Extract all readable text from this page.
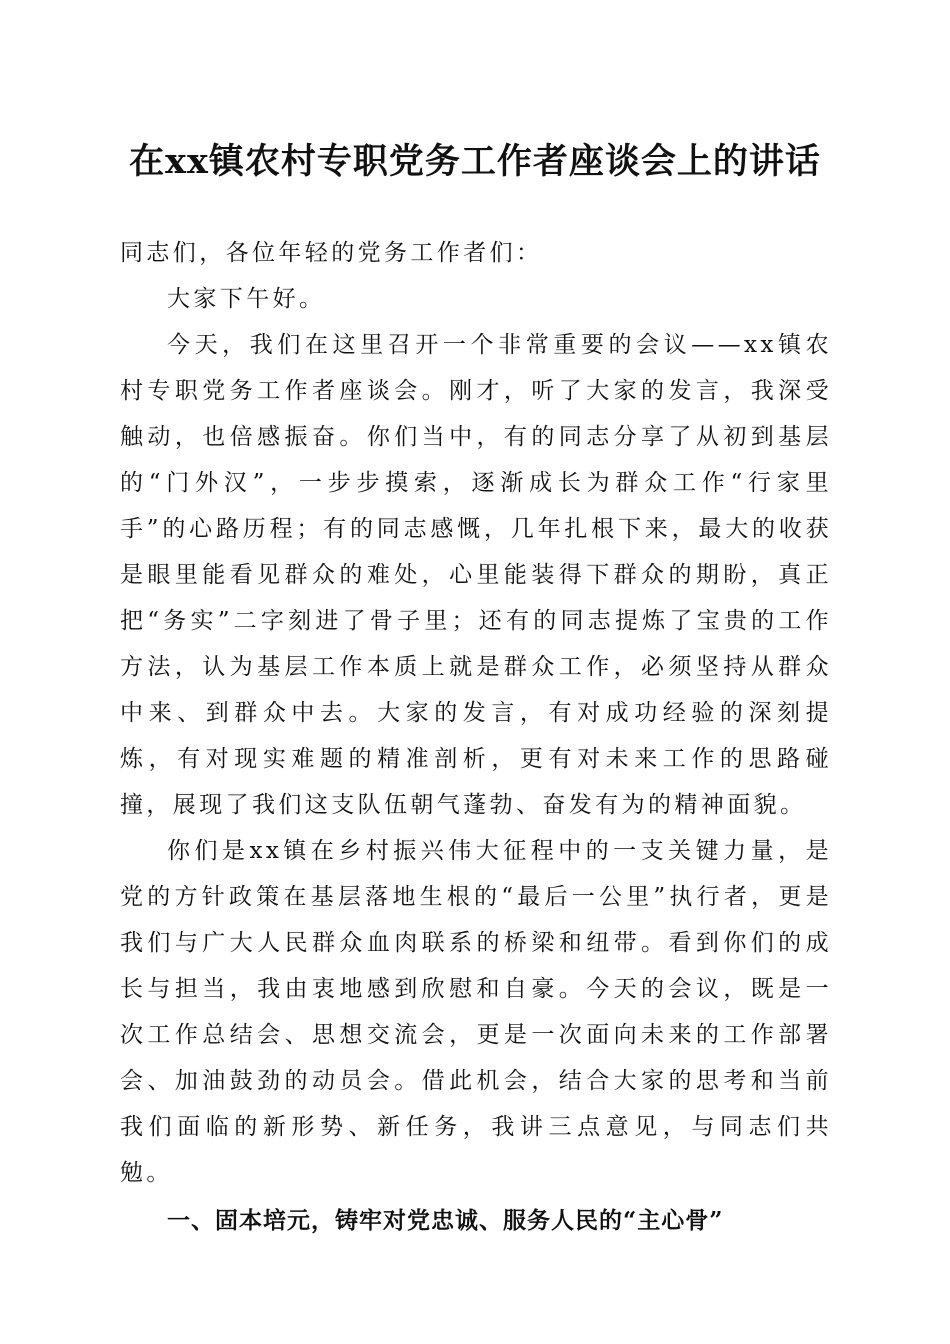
在xx镇农村专职党务工作者座谈会上的讲话

同志们，各位年轻的党务工作者们：

大家下午好。

今天，我们在这里召开一个非常重要的会议——xx镇农村专职党务工作者座谈会。刚才，听了大家的发言，我深受触动，也倍感振奋。你们当中，有的同志分享了从初到基层的“门外汉”，一步步摸索，逐渐成长为群众工作“行家里手”的心路历程；有的同志感慨，几年扎根下来，最大的收获是眼里能看见群众的难处，心里能装得下群众的期盼，真正把“务实”二字刻进了骨子里；还有的同志提炼了宝贵的工作方法，认为基层工作本质上就是群众工作，必须坚持从群众中来、到群众中去。大家的发言，有对成功经验的深刻提炼，有对现实难题的精准剖析，更有对未来工作的思路碰撞，展现了我们这支队伍朝气蓬勃、奋发有为的精神面貌。

你们是xx镇在乡村振兴伟大征程中的一支关键力量，是党的方针政策在基层落地生根的“最后一公里”执行者，更是我们与广大人民群众血肉联系的桥梁和纽带。看到你们的成长与担当，我由衷地感到欣慰和自豪。今天的会议，既是一次工作总结会、思想交流会，更是一次面向未来的工作部署会、加油鼓劲的动员会。借此机会，结合大家的思考和当前我们面临的新形势、新任务，我讲三点意见，与同志们共勉。

一、固本培元，铸牢对党忠诚、服务人民的“主心骨”
